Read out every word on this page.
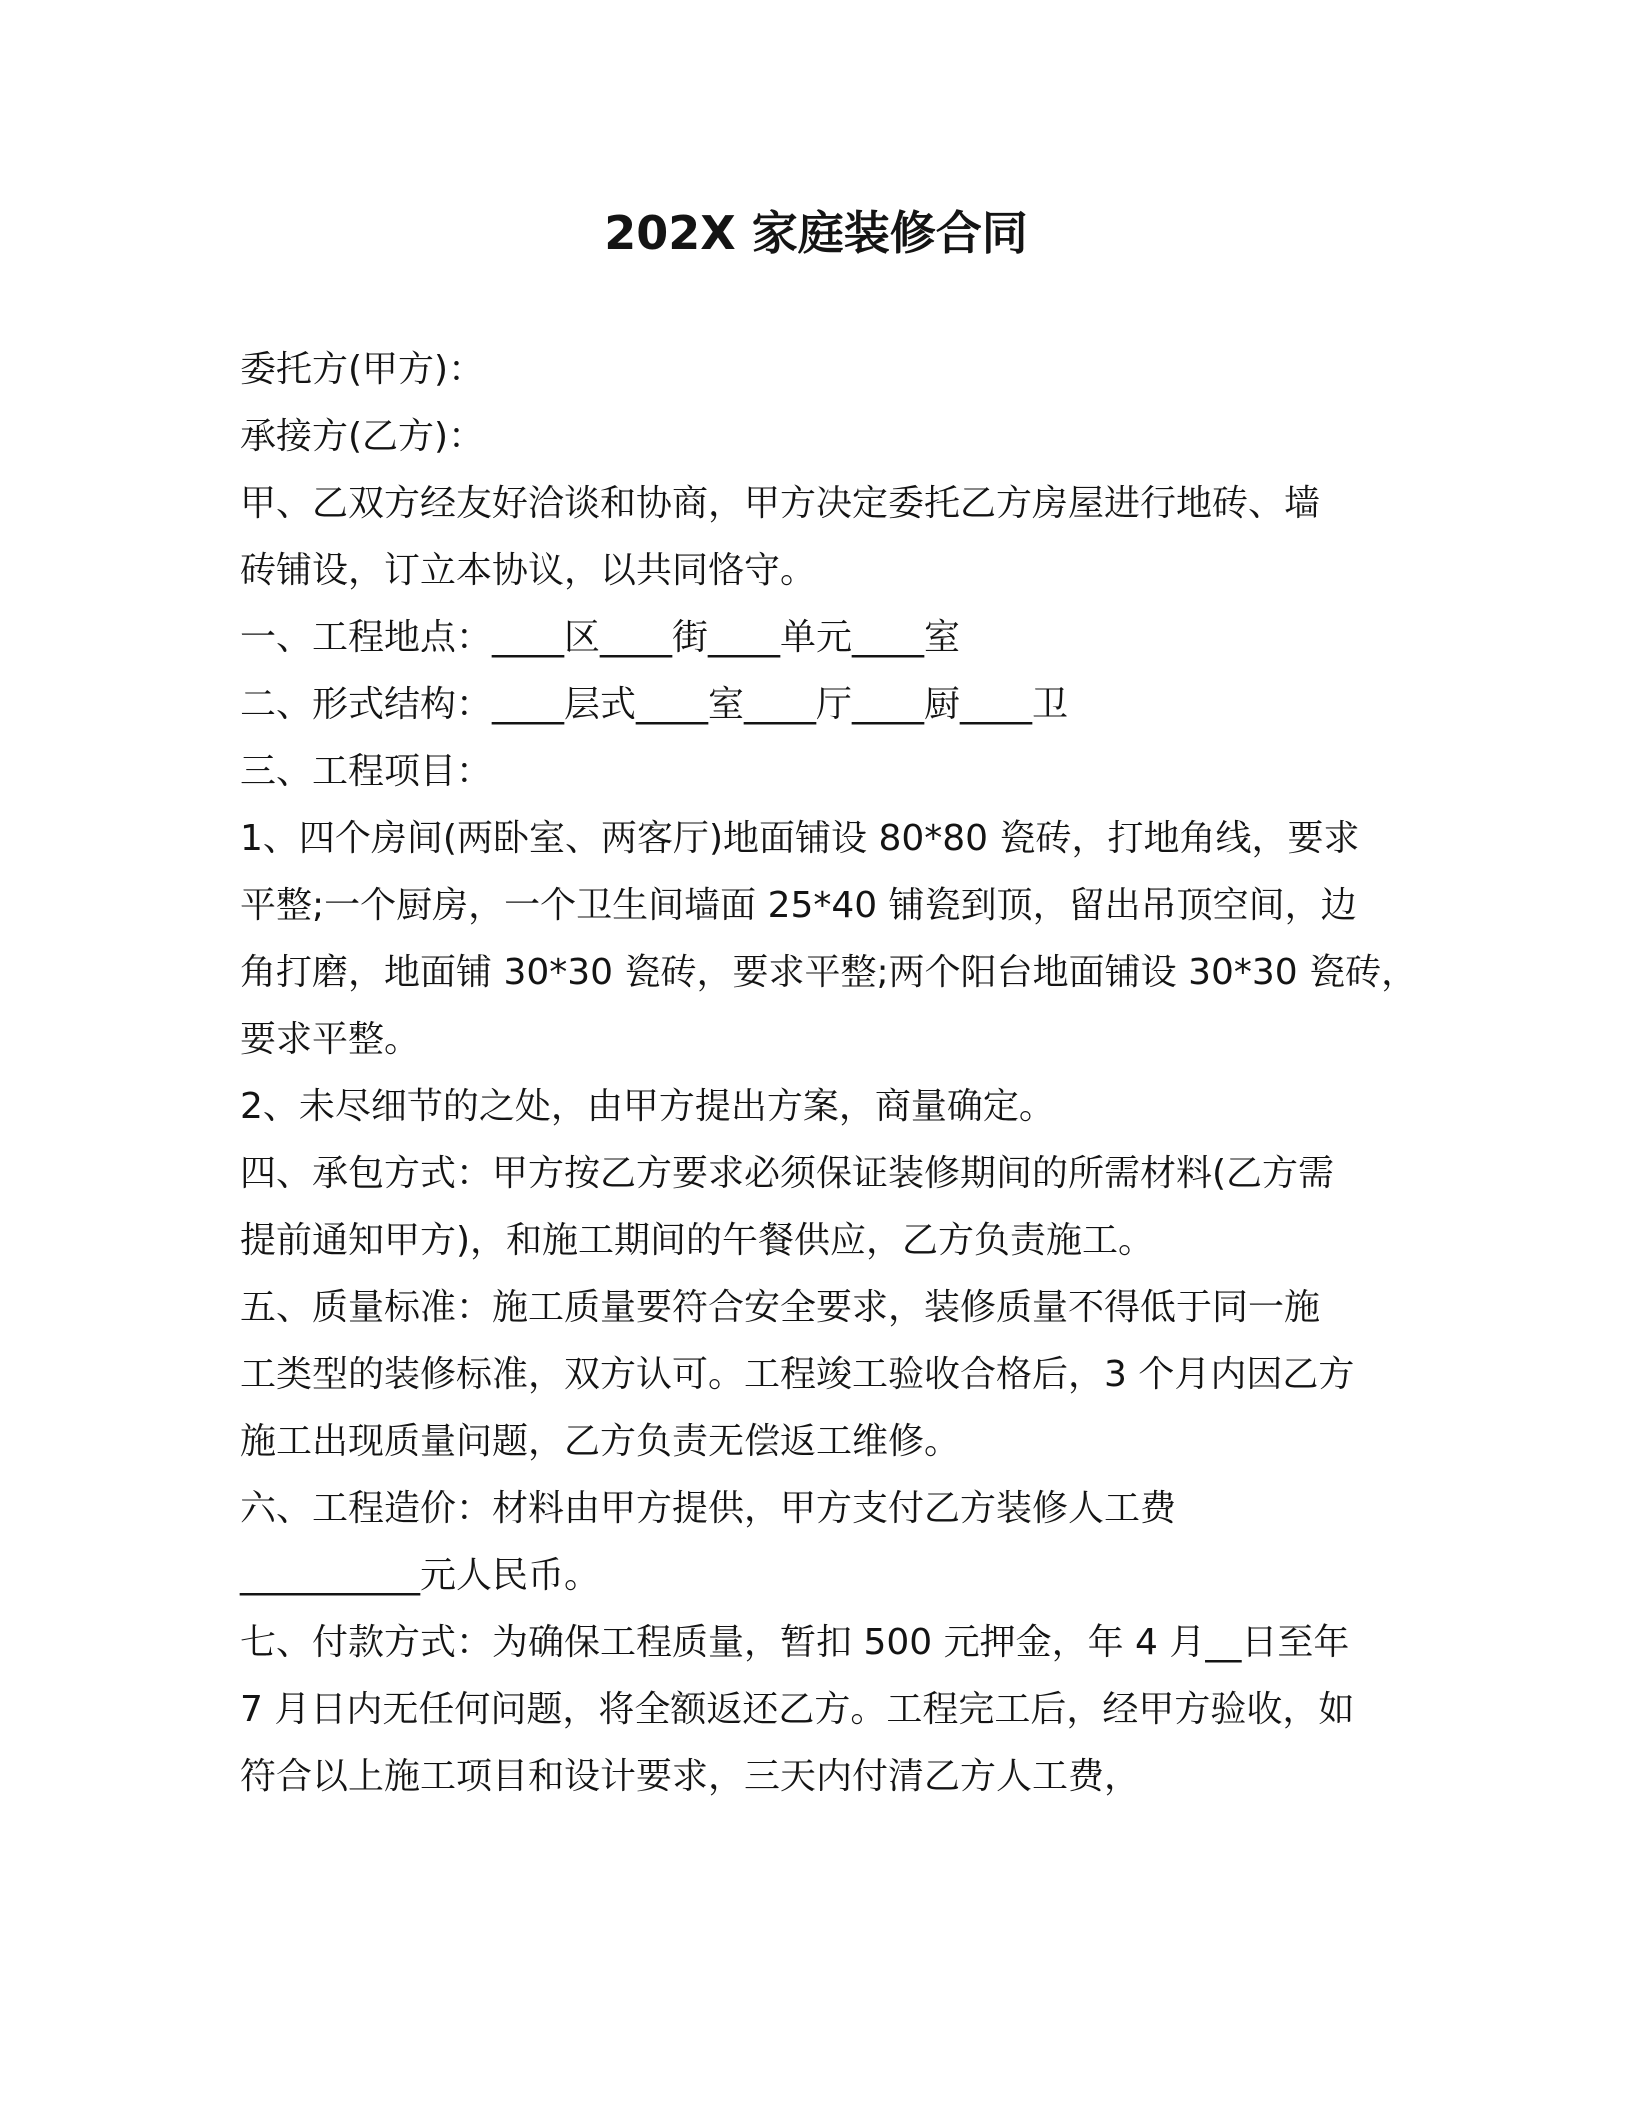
202X 家庭装修合同
委托方(甲方)：
承接方(乙方)：
甲、乙双方经友好洽谈和协商，甲方决定委托乙方房屋进行地砖、墙
砖铺设，订立本协议，以共同恪守。
一、工程地点：____区____街____单元____室
二、形式结构：____层式____室____厅____厨____卫
三、工程项目：
1、四个房间(两卧室、两客厅)地面铺设 80*80 瓷砖，打地角线，要求
平整;一个厨房，一个卫生间墙面 25*40 铺瓷到顶，留出吊顶空间，边
角打磨，地面铺 30*30 瓷砖，要求平整;两个阳台地面铺设 30*30 瓷砖，
要求平整。
2、未尽细节的之处，由甲方提出方案，商量确定。
四、承包方式：甲方按乙方要求必须保证装修期间的所需材料(乙方需
提前通知甲方)，和施工期间的午餐供应，乙方负责施工。
五、质量标准：施工质量要符合安全要求，装修质量不得低于同一施
工类型的装修标准，双方认可。工程竣工验收合格后，3 个月内因乙方
施工出现质量问题，乙方负责无偿返工维修。
六、工程造价：材料由甲方提供，甲方支付乙方装修人工费
__________元人民币。
七、付款方式：为确保工程质量，暂扣 500 元押金，年 4 月__日至年
7 月日内无任何问题，将全额返还乙方。工程完工后，经甲方验收，如
符合以上施工项目和设计要求，三天内付清乙方人工费，
